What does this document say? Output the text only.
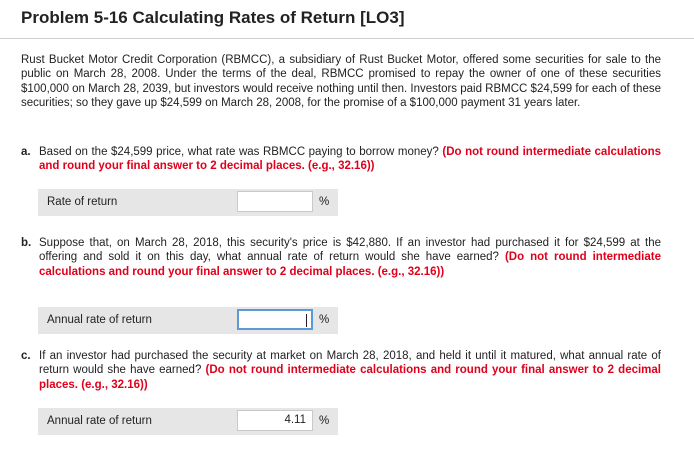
Problem 5-16 Calculating Rates of Return [LO3]
Rust Bucket Motor Credit Corporation (RBMCC), a subsidiary of Rust Bucket Motor, offered some securities for sale to the public on March 28, 2008. Under the terms of the deal, RBMCC promised to repay the owner of one of these securities $100,000 on March 28, 2039, but investors would receive nothing until then. Investors paid RBMCC $24,599 for each of these securities; so they gave up $24,599 on March 28, 2008, for the promise of a $100,000 payment 31 years later.
a. Based on the $24,599 price, what rate was RBMCC paying to borrow money? (Do not round intermediate calculations and round your final answer to 2 decimal places. (e.g., 32.16))
Rate of return	%
b. Suppose that, on March 28, 2018, this security's price is $42,880. If an investor had purchased it for $24,599 at the offering and sold it on this day, what annual rate of return would she have earned? (Do not round intermediate calculations and round your final answer to 2 decimal places. (e.g., 32.16))
Annual rate of return	%
c. If an investor had purchased the security at market on March 28, 2018, and held it until it matured, what annual rate of return would she have earned? (Do not round intermediate calculations and round your final answer to 2 decimal places. (e.g., 32.16))
Annual rate of return	4.11	%
